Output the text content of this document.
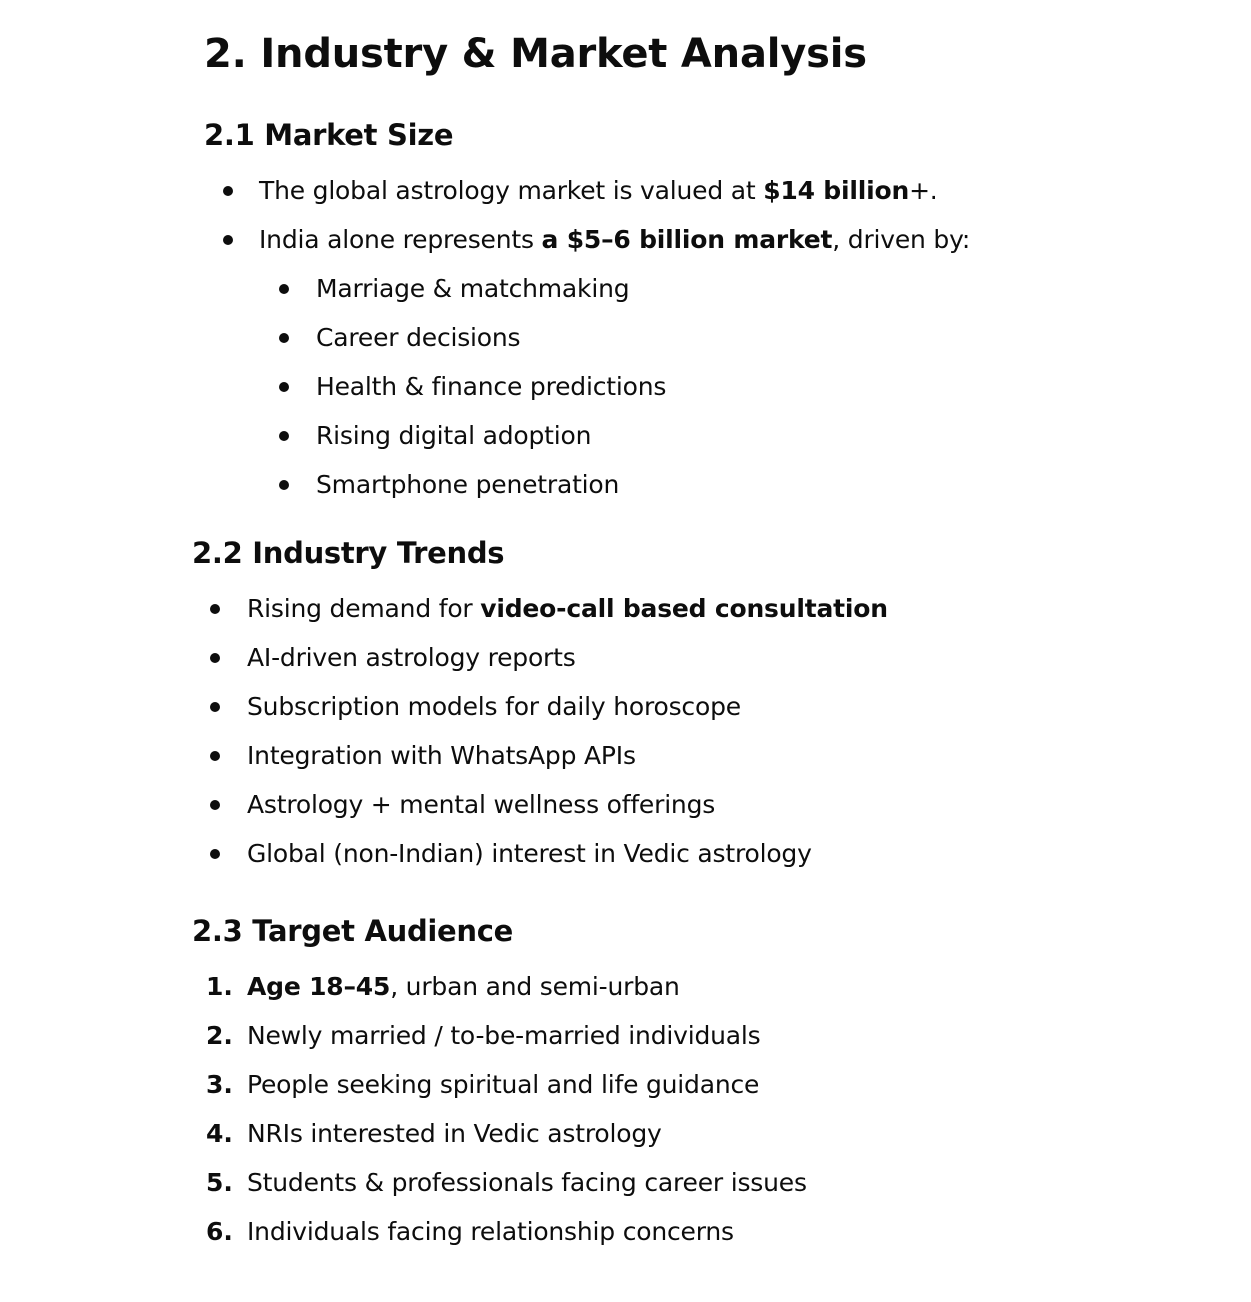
2. Industry & Market Analysis
2.1 Market Size
The global astrology market is valued at $14 billion+.
India alone represents a $5–6 billion market, driven by:
Marriage & matchmaking
Career decisions
Health & finance predictions
Rising digital adoption
Smartphone penetration
2.2 Industry Trends
Rising demand for video-call based consultation
AI-driven astrology reports
Subscription models for daily horoscope
Integration with WhatsApp APIs
Astrology + mental wellness offerings
Global (non-Indian) interest in Vedic astrology
2.3 Target Audience
1. Age 18–45, urban and semi-urban
2. Newly married / to-be-married individuals
3. People seeking spiritual and life guidance
4. NRIs interested in Vedic astrology
5. Students & professionals facing career issues
6. Individuals facing relationship concerns
